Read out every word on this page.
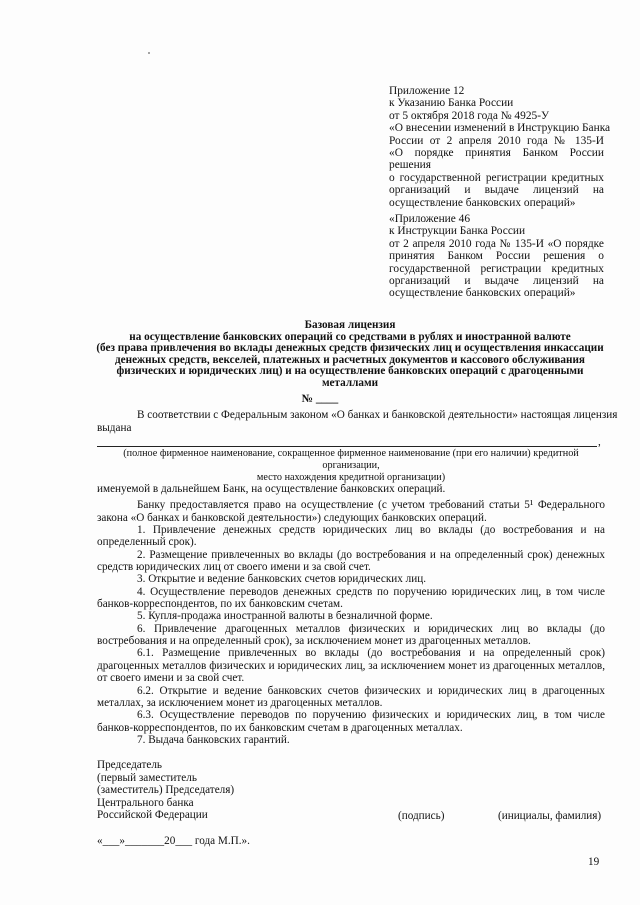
Приложение 12
к Указанию Банка России
от 5 октября 2018 года № 4925-У
«О внесении изменений в Инструкцию Банка
России от 2 апреля 2010 года № 135-И
«О порядке принятия Банком России решения
о государственной регистрации кредитных
организаций и выдаче лицензий на
осуществление банковских операций»
«Приложение 46
к Инструкции Банка России
от 2 апреля 2010 года № 135-И «О порядке
принятия Банком России решения о
государственной регистрации кредитных
организаций и выдаче лицензий на
осуществление банковских операций»
Базовая лицензия
на осуществление банковских операций со средствами в рублях и иностранной валюте
(без права привлечения во вклады денежных средств физических лиц и осуществления инкассации
денежных средств, векселей, платежных и расчетных документов и кассового обслуживания
физических и юридических лиц) и на осуществление банковских операций с драгоценными
металлами
№ ____
В соответствии с Федеральным законом «О банках и банковской деятельности» настоящая лицензия
выдана
,
(полное фирменное наименование, сокращенное фирменное наименование (при его наличии) кредитной организации,
место нахождения кредитной организации)

именуемой в дальнейшем Банк, на осуществление банковских операций.

Банку предоставляется право на осуществление (с учетом требований статьи 5¹ Федерального закона «О банках и банковской деятельности») следующих банковских операций.

1. Привлечение денежных средств юридических лиц во вклады (до востребования и на определенный срок).

2. Размещение привлеченных во вклады (до востребования и на определенный срок) денежных средств юридических лиц от своего имени и за свой счет.

3. Открытие и ведение банковских счетов юридических лиц.

4. Осуществление переводов денежных средств по поручению юридических лиц, в том числе банков-корреспондентов, по их банковским счетам.

5. Купля-продажа иностранной валюты в безналичной форме.

6. Привлечение драгоценных металлов физических и юридических лиц во вклады (до востребования и на определенный срок), за исключением монет из драгоценных металлов.

6.1. Размещение привлеченных во вклады (до востребования и на определенный срок) драгоценных металлов физических и юридических лиц, за исключением монет из драгоценных металлов, от своего имени и за свой счет.

6.2. Открытие и ведение банковских счетов физических и юридических лиц в драгоценных металлах, за исключением монет из драгоценных металлов.

6.3. Осуществление переводов по поручению физических и юридических лиц, в том числе банков-корреспондентов, по их банковским счетам в драгоценных металлах.

7. Выдача банковских гарантий.

Председатель
(первый заместитель
(заместитель) Председателя)
Центрального банка
Российской Федерации	(подпись)	(инициалы, фамилия)
«___»_______20___ года М.П.».
19
